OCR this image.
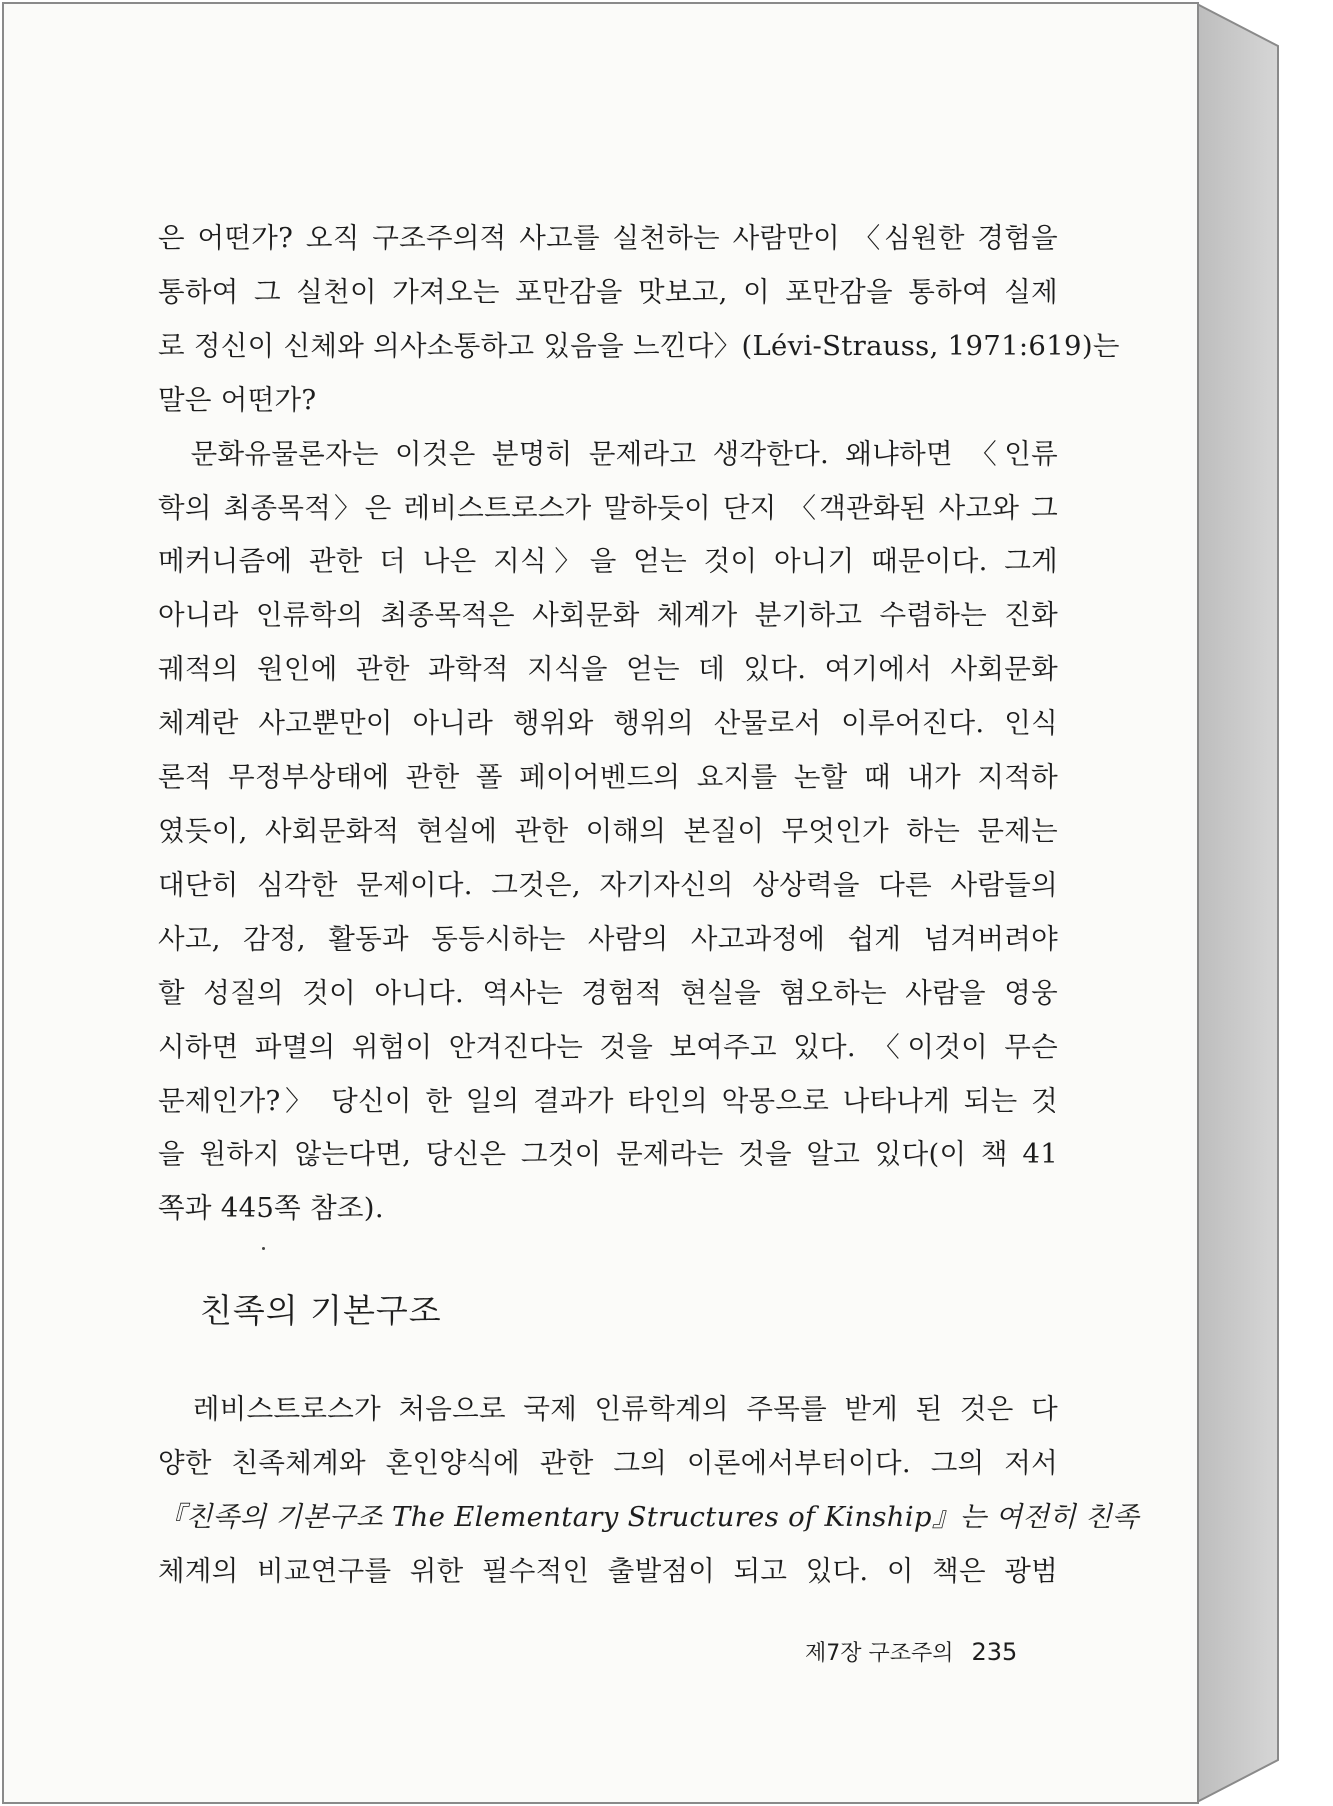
은 어떤가? 오직 구조주의적 사고를 실천하는 사람만이 〈심원한 경험을
통하여 그 실천이 가져오는 포만감을 맛보고, 이 포만감을 통하여 실제
로 정신이 신체와 의사소통하고 있음을 느낀다〉(Lévi-Strauss, 1971:619)는
말은 어떤가?
문화유물론자는 이것은 분명히 문제라고 생각한다. 왜냐하면 〈인류
학의 최종목적〉은 레비스트로스가 말하듯이 단지 〈객관화된 사고와 그
메커니즘에 관한 더 나은 지식〉을 얻는 것이 아니기 때문이다. 그게
아니라 인류학의 최종목적은 사회문화 체계가 분기하고 수렴하는 진화
궤적의 원인에 관한 과학적 지식을 얻는 데 있다. 여기에서 사회문화
체계란 사고뿐만이 아니라 행위와 행위의 산물로서 이루어진다. 인식
론적 무정부상태에 관한 폴 페이어벤드의 요지를 논할 때 내가 지적하
였듯이, 사회문화적 현실에 관한 이해의 본질이 무엇인가 하는 문제는
대단히 심각한 문제이다. 그것은, 자기자신의 상상력을 다른 사람들의
사고, 감정, 활동과 동등시하는 사람의 사고과정에 쉽게 넘겨버려야
할 성질의 것이 아니다. 역사는 경험적 현실을 혐오하는 사람을 영웅
시하면 파멸의 위험이 안겨진다는 것을 보여주고 있다. 〈이것이 무슨
문제인가?〉 당신이 한 일의 결과가 타인의 악몽으로 나타나게 되는 것
을 원하지 않는다면, 당신은 그것이 문제라는 것을 알고 있다(이 책 41
쪽과 445쪽 참조).
친족의 기본구조
레비스트로스가 처음으로 국제 인류학계의 주목를 받게 된 것은 다
양한 친족체계와 혼인양식에 관한 그의 이론에서부터이다. 그의 저서
『친족의 기본구조 The Elementary Structures of Kinship』는 여전히 친족
체계의 비교연구를 위한 필수적인 출발점이 되고 있다. 이 책은 광범
제7장 구조주의 235
